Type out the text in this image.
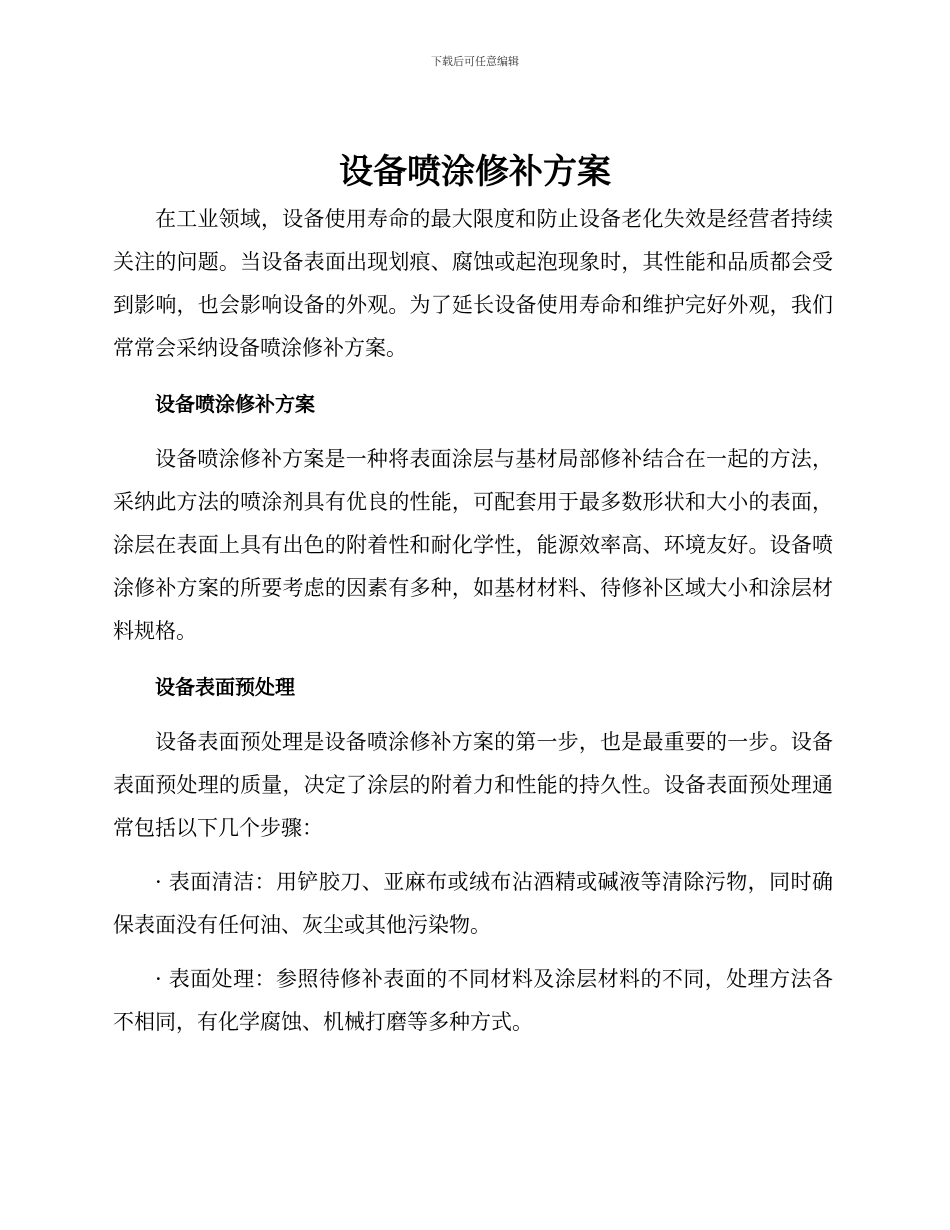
下载后可任意编辑
设备喷涂修补方案

在工业领域，设备使用寿命的最大限度和防止设备老化失效是经营者持续关注的问题。当设备表面出现划痕、腐蚀或起泡现象时，其性能和品质都会受到影响，也会影响设备的外观。为了延长设备使用寿命和维护完好外观，我们常常会采纳设备喷涂修补方案。

设备喷涂修补方案

设备喷涂修补方案是一种将表面涂层与基材局部修补结合在一起的方法，采纳此方法的喷涂剂具有优良的性能，可配套用于最多数形状和大小的表面，涂层在表面上具有出色的附着性和耐化学性，能源效率高、环境友好。设备喷涂修补方案的所要考虑的因素有多种，如基材材料、待修补区域大小和涂层材料规格。

设备表面预处理

设备表面预处理是设备喷涂修补方案的第一步，也是最重要的一步。设备表面预处理的质量，决定了涂层的附着力和性能的持久性。设备表面预处理通常包括以下几个步骤：

· 表面清洁：用铲胶刀、亚麻布或绒布沾酒精或碱液等清除污物，同时确保表面没有任何油、灰尘或其他污染物。

· 表面处理：参照待修补表面的不同材料及涂层材料的不同，处理方法各不相同，有化学腐蚀、机械打磨等多种方式。
